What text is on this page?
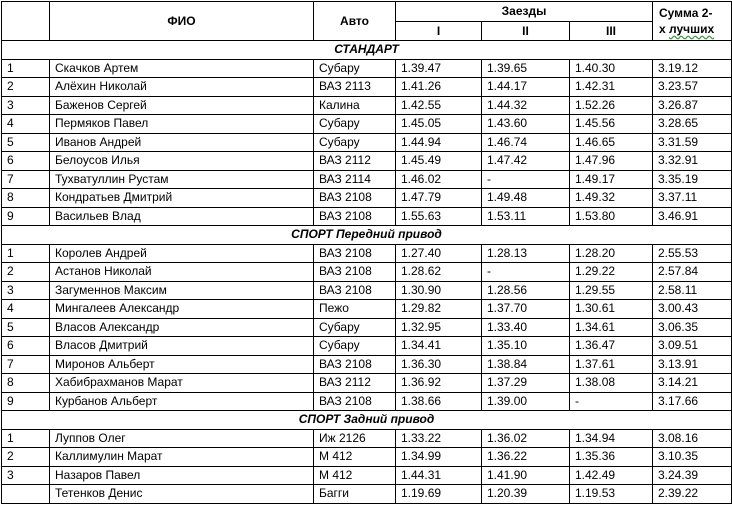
	ФИО	Авто	Заезды			Сумма 2-
х лучших
			I	II	III	
СТАНДАРТ						
1	Скачков Артем	Субару	1.39.47	1.39.65	1.40.30	3.19.12
2	Алёхин Николай	ВАЗ 2113	1.41.26	1.44.17	1.42.31	3.23.57
3	Баженов Сергей	Калина	1.42.55	1.44.32	1.52.26	3.26.87
4	Пермяков Павел	Субару	1.45.05	1.43.60	1.45.56	3.28.65
5	Иванов Андрей	Субару	1.44.94	1.46.74	1.46.65	3.31.59
6	Белоусов Илья	ВАЗ 2112	1.45.49	1.47.42	1.47.96	3.32.91
7	Тухватуллин Рустам	ВАЗ 2114	1.46.02	-	1.49.17	3.35.19
8	Кондратьев Дмитрий	ВАЗ 2108	1.47.79	1.49.48	1.49.32	3.37.11
9	Васильев Влад	ВАЗ 2108	1.55.63	1.53.11	1.53.80	3.46.91
СПОРТ Передний привод						
1	Королев Андрей	ВАЗ 2108	1.27.40	1.28.13	1.28.20	2.55.53
2	Астанов Николай	ВАЗ 2108	1.28.62	-	1.29.22	2.57.84
3	Загуменнов Максим	ВАЗ 2108	1.30.90	1.28.56	1.29.55	2.58.11
4	Мингалеев Александр	Пежо	1.29.82	1.37.70	1.30.61	3.00.43
5	Власов Александр	Субару	1.32.95	1.33.40	1.34.61	3.06.35
6	Власов Дмитрий	Субару	1.34.41	1.35.10	1.36.47	3.09.51
7	Миронов Альберт	ВАЗ 2108	1.36.30	1.38.84	1.37.61	3.13.91
8	Хабибрахманов Марат	ВАЗ 2112	1.36.92	1.37.29	1.38.08	3.14.21
9	Курбанов Альберт	ВАЗ 2108	1.38.66	1.39.00	-	3.17.66
СПОРТ Задний привод						
1	Луппов Олег	Иж 2126	1.33.22	1.36.02	1.34.94	3.08.16
2	Каллимулин Марат	М 412	1.34.99	1.36.22	1.35.36	3.10.35
3	Назаров Павел	М 412	1.44.31	1.41.90	1.42.49	3.24.39
	Тетенков Денис	Багги	1.19.69	1.20.39	1.19.53	2.39.22
